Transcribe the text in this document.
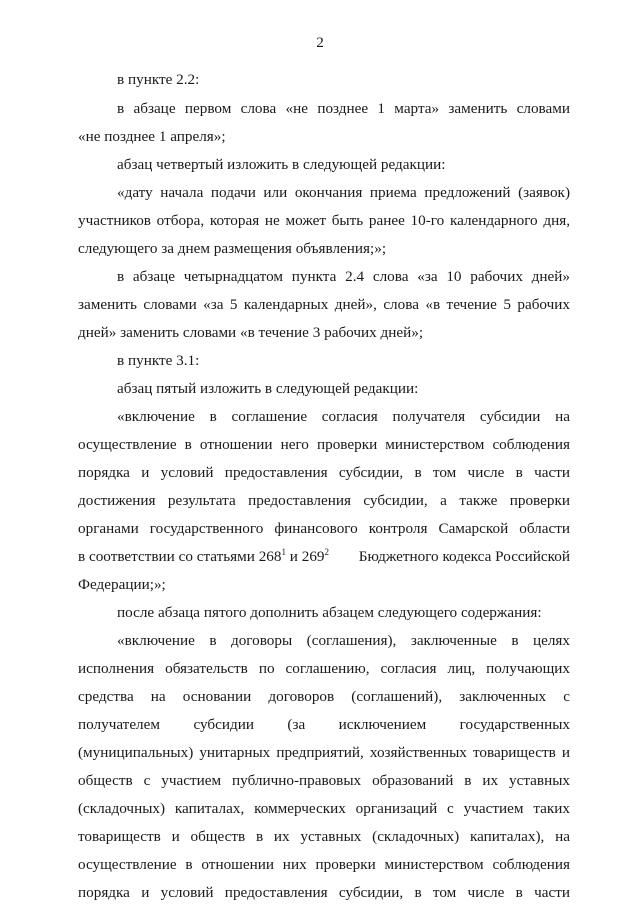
2
в пункте 2.2:
в абзаце первом слова «не позднее 1 марта» заменить словами
«не позднее 1 апреля»;
абзац четвертый изложить в следующей редакции:
«дату начала подачи или окончания приема предложений (заявок)
участников отбора, которая не может быть ранее 10-го календарного дня,
следующего за днем размещения объявления;»;
в абзаце четырнадцатом пункта 2.4 слова «за 10 рабочих дней»
заменить словами «за 5 календарных дней», слова «в течение 5 рабочих
дней» заменить словами «в течение 3 рабочих дней»;
в пункте 3.1:
абзац пятый изложить в следующей редакции:
«включение в соглашение согласия получателя субсидии на
осуществление в отношении него проверки министерством соблюдения
порядка и условий предоставления субсидии, в том числе в части
достижения результата предоставления субсидии, а также проверки
органами государственного финансового контроля Самарской области
в соответствии со статьями $268^1$ и $269^2$	Бюджетного кодекса Российской
Федерации;»;
после абзаца пятого дополнить абзацем следующего содержания:
«включение в договоры (соглашения), заключенные в целях
исполнения обязательств по соглашению, согласия лиц, получающих
средства на основании договоров (соглашений), заключенных с
получателем субсидии (за исключением государственных
(муниципальных) унитарных предприятий, хозяйственных товариществ и
обществ с участием публично-правовых образований в их уставных
(складочных) капиталах, коммерческих организаций с участием таких
товариществ и обществ в их уставных (складочных) капиталах), на
осуществление в отношении них проверки министерством соблюдения
порядка и условий предоставления субсидии, в том числе в части
